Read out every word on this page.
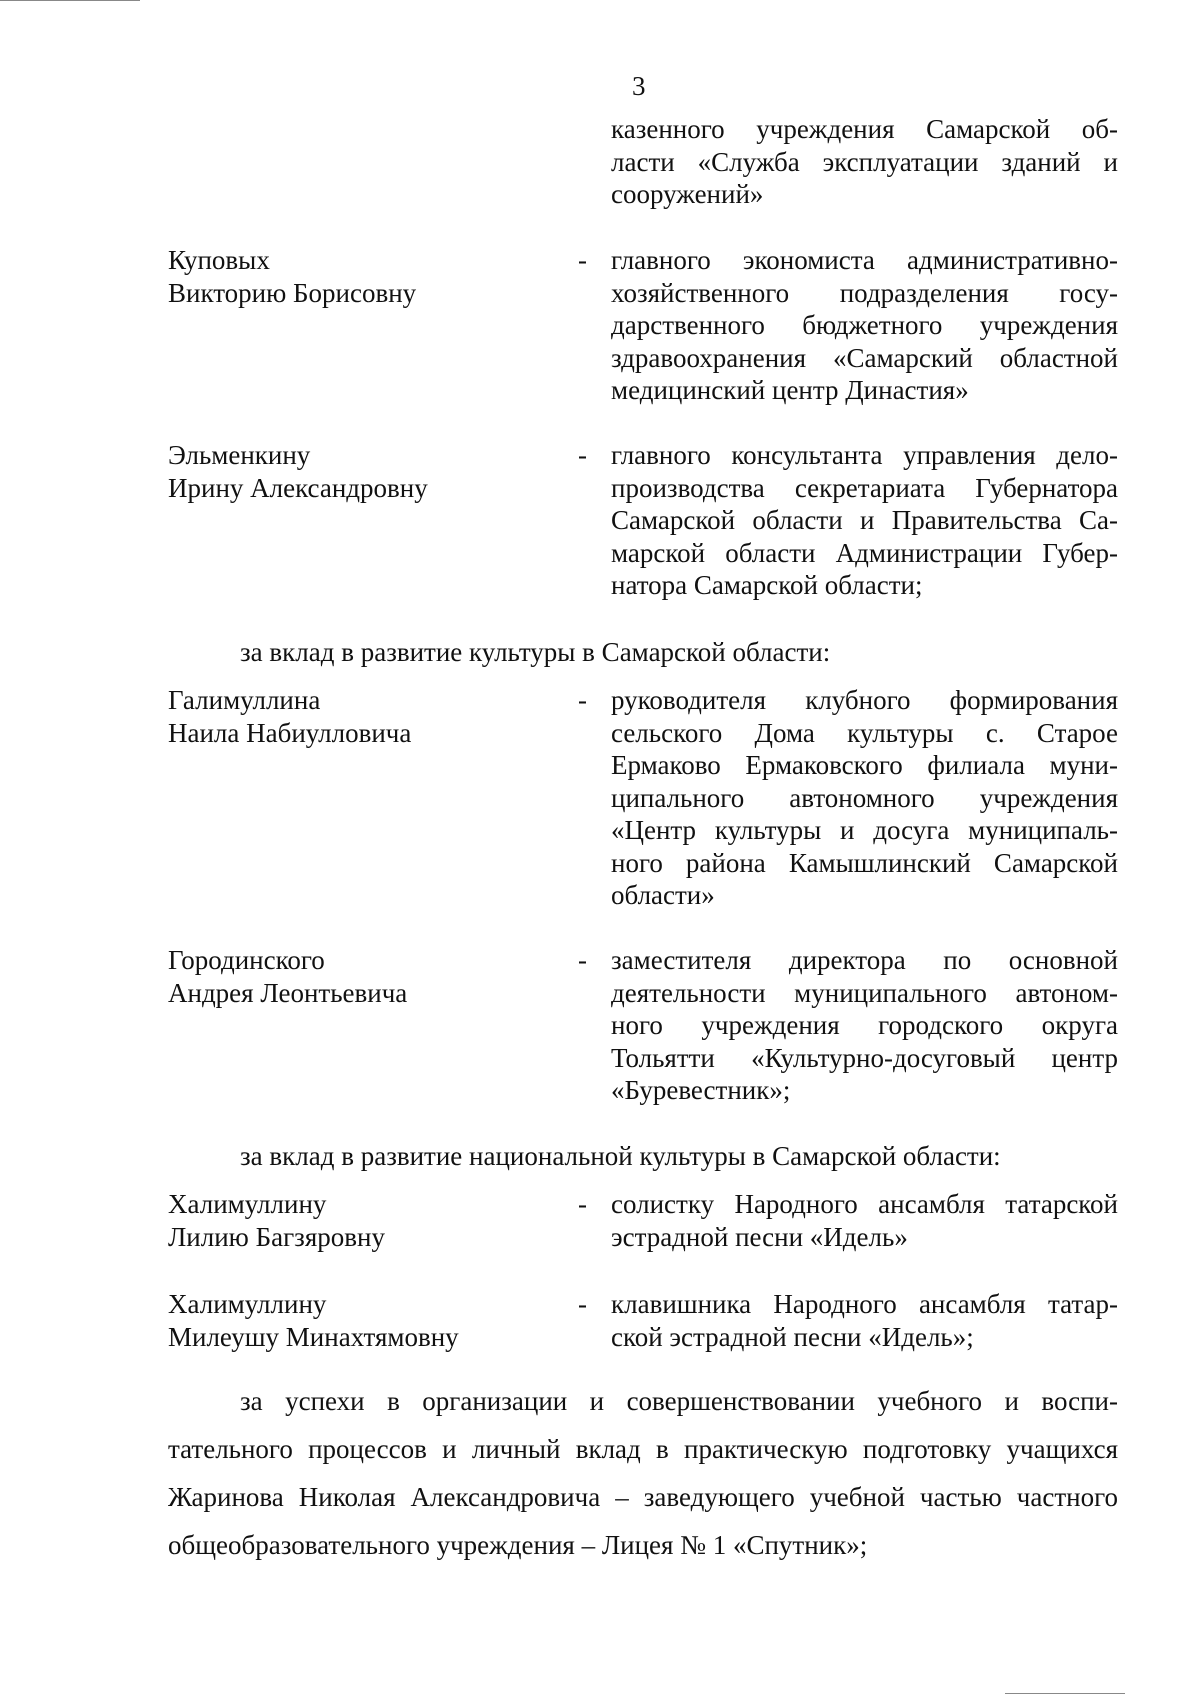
3
казенного учреждения Самарской об-
ласти «Служба эксплуатации зданий и
сооружений»
Куповых
Викторию Борисовну
- главного экономиста административно-
хозяйственного подразделения госу-
дарственного бюджетного учреждения
здравоохранения «Самарский областной
медицинский центр Династия»
Эльменкину
Ирину Александровну
- главного консультанта управления дело-
производства секретариата Губернатора
Самарской области и Правительства Са-
марской области Администрации Губер-
натора Самарской области;
за вклад в развитие культуры в Самарской области:
Галимуллина
Наила Набиулловича
- руководителя клубного формирования
сельского Дома культуры с. Старое
Ермаково Ермаковского филиала муни-
ципального автономного учреждения
«Центр культуры и досуга муниципаль-
ного района Камышлинский Самарской
области»
Городинского
Андрея Леонтьевича
- заместителя директора по основной
деятельности муниципального автоном-
ного учреждения городского округа
Тольятти «Культурно-досуговый центр
«Буревестник»;
за вклад в развитие национальной культуры в Самарской области:
Халимуллину
Лилию Багзяровну
- солистку Народного ансамбля татарской
эстрадной песни «Идель»
Халимуллину
Милеушу Минахтямовну
- клавишника Народного ансамбля татар-
ской эстрадной песни «Идель»;
за успехи в организации и совершенствовании учебного и воспи-
тательного процессов и личный вклад в практическую подготовку учащихся
Жаринова Николая Александровича – заведующего учебной частью частного
общеобразовательного учреждения – Лицея № 1 «Спутник»;
